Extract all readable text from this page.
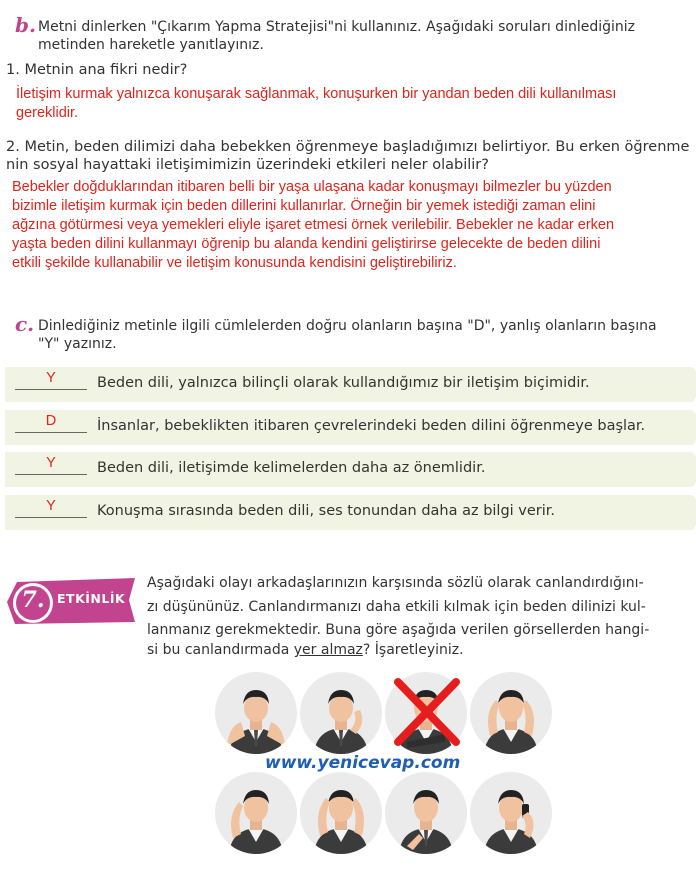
b. Metni dinlerken "Çıkarım Yapma Stratejisi"ni kullanınız. Aşağıdaki soruları dinlediğiniz
metinden hareketle yanıtlayınız.
1. Metnin ana fikri nedir?
İletişim kurmak yalnızca konuşarak sağlanmak, konuşurken bir yandan beden dili kullanılması
gereklidir.
2. Metin, beden dilimizi daha bebekken öğrenmeye başladığımızı belirtiyor. Bu erken öğrenme
nin sosyal hayattaki iletişimimizin üzerindeki etkileri neler olabilir?
Bebekler doğduklarından itibaren belli bir yaşa ulaşana kadar konuşmayı bilmezler bu yüzden
bizimle iletişim kurmak için beden dillerini kullanırlar. Örneğin bir yemek istediği zaman elini
ağzına götürmesi veya yemekleri eliyle işaret etmesi örnek verilebilir. Bebekler ne kadar erken
yaşta beden dilini kullanmayı öğrenip bu alanda kendini geliştirirse gelecekte de beden dilini
etkili şekilde kullanabilir ve iletişim konusunda kendisini geliştirebiliriz.
c. Dinlediğiniz metinle ilgili cümlelerden doğru olanların başına "D", yanlış olanların başına
"Y" yazınız.
Y	Beden dili, yalnızca bilinçli olarak kullandığımız bir iletişim biçimidir.
D	İnsanlar, bebeklikten itibaren çevrelerindeki beden dilini öğrenmeye başlar.
Y	Beden dili, iletişimde kelimelerden daha az önemlidir.
Y	Konuşma sırasında beden dili, ses tonundan daha az bilgi verir.
7.	ETKİNLİK
Aşağıdaki olayı arkadaşlarınızın karşısında sözlü olarak canlandırdığını-
zı düşününüz. Canlandırmanızı daha etkili kılmak için beden dilinizi kul-
lanmanız gerekmektedir. Buna göre aşağıda verilen görsellerden hangi-
si bu canlandırmada yer almaz? İşaretleyiniz.
www.yenicevap.com
